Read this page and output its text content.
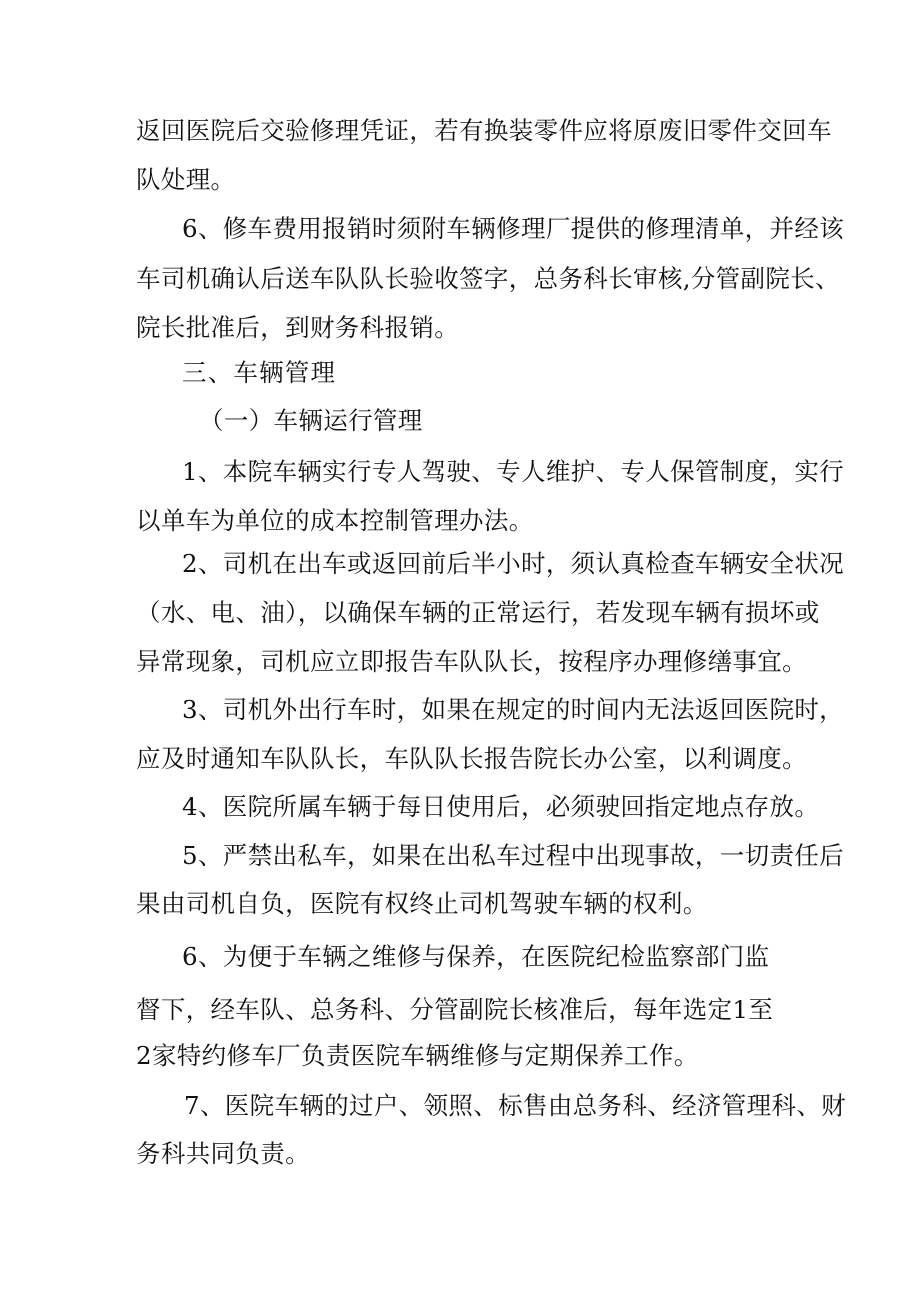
返回医院后交验修理凭证，若有换装零件应将原废旧零件交回车

队处理。

6、修车费用报销时须附车辆修理厂提供的修理清单，并经该

车司机确认后送车队队长验收签字，总务科长审核,分管副院长、

院长批准后，到财务科报销。

三、车辆管理

（一）车辆运行管理

1、本院车辆实行专人驾驶、专人维护、专人保管制度，实行

以单车为单位的成本控制管理办法。

2、司机在出车或返回前后半小时，须认真检查车辆安全状况

（水、电、油），以确保车辆的正常运行，若发现车辆有损坏或

异常现象，司机应立即报告车队队长，按程序办理修缮事宜。

3、司机外出行车时，如果在规定的时间内无法返回医院时，

应及时通知车队队长，车队队长报告院长办公室，以利调度。

4、医院所属车辆于每日使用后，必须驶回指定地点存放。

5、严禁出私车，如果在出私车过程中出现事故，一切责任后

果由司机自负，医院有权终止司机驾驶车辆的权利。

6、为便于车辆之维修与保养，在医院纪检监察部门监

督下，经车队、总务科、分管副院长核准后，每年选定1至

2家特约修车厂负责医院车辆维修与定期保养工作。

7、医院车辆的过户、领照、标售由总务科、经济管理科、财

务科共同负责。
